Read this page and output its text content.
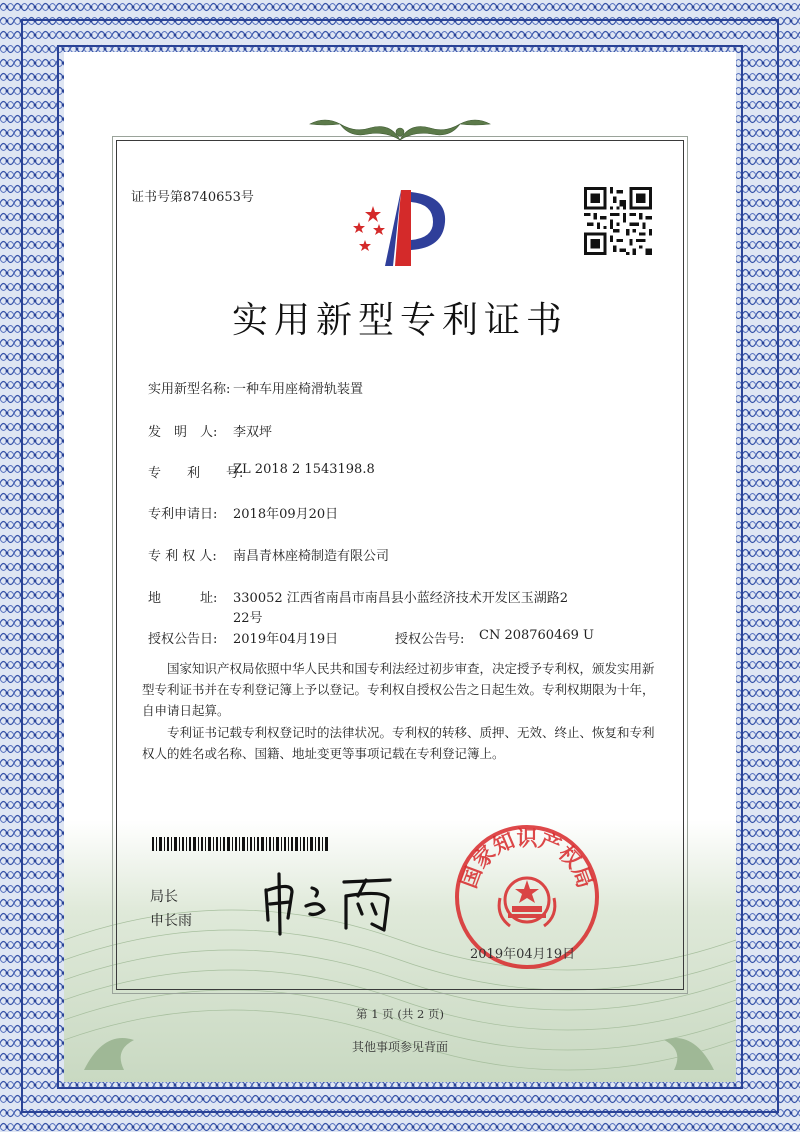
证书号第8740653号
实用新型专利证书
实用新型名称: 一种车用座椅滑轨装置
发　明　人: 李双坪
专　　利　　号:
ZL 2018 2 1543198.8
专利申请日: 2018年09月20日
专 利 权 人: 南昌青林座椅制造有限公司
地　　　址: 330052 江西省南昌市南昌县小蓝经济技术开发区玉湖路2
22号
授权公告日: 2019年04月19日	授权公告号: CN 208760469 U
国家知识产权局依照中华人民共和国专利法经过初步审查，决定授予专利权，颁发实用新型专利证书并在专利登记簿上予以登记。专利权自授权公告之日起生效。专利权期限为十年，自申请日起算。
专利证书记载专利权登记时的法律状况。专利权的转移、质押、无效、终止、恢复和专利权人的姓名或名称、国籍、地址变更等事项记载在专利登记簿上。
局长
申长雨
国家知识产权局
2019年04月19日
第 1 页 (共 2 页)
其他事项参见背面
